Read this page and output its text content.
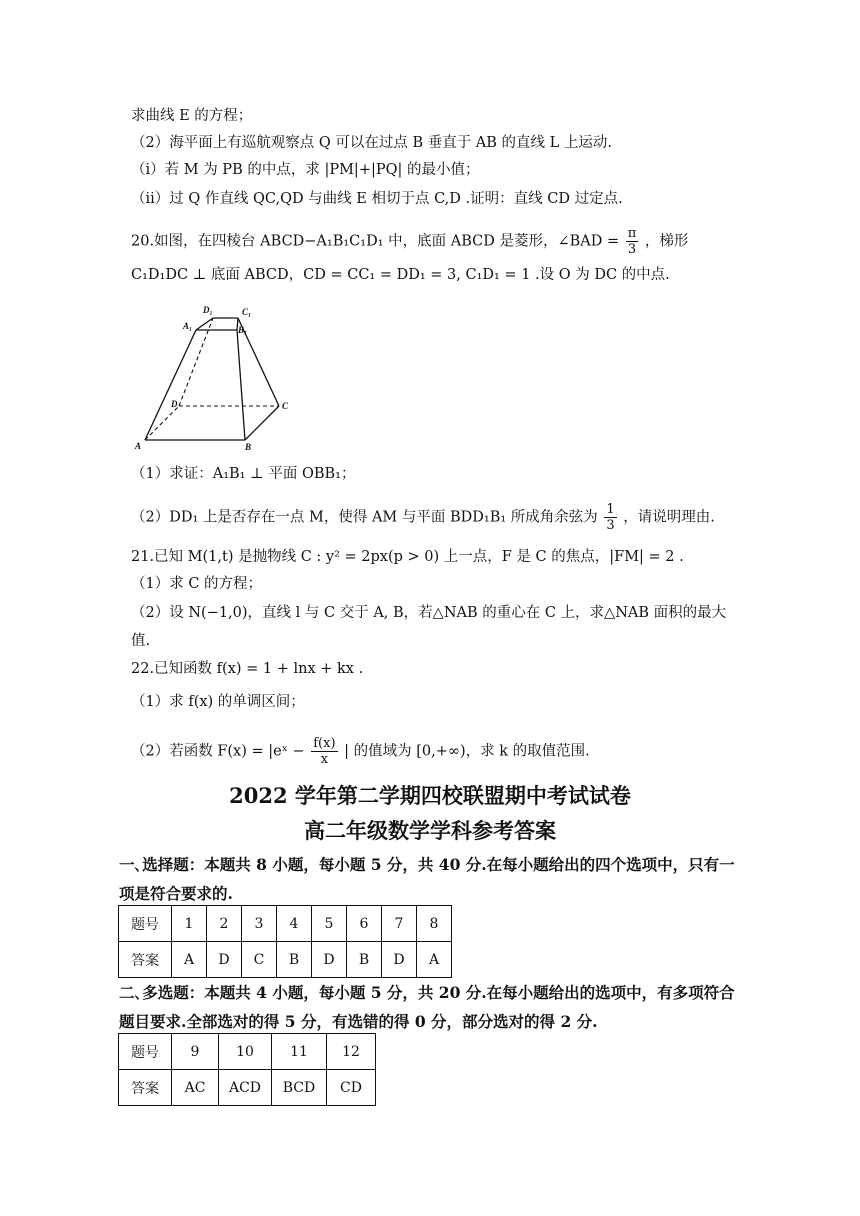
求曲线 E 的方程；
（2）海平面上有巡航观察点 Q 可以在过点 B 垂直于 AB 的直线 L 上运动.
（i）若 M 为 PB 的中点，求 |PM|+|PQ| 的最小值；
（ii）过 Q 作直线 QC,QD 与曲线 E 相切于点 C,D .证明：直线 CD 过定点.
20.如图，在四棱台 ABCD−A₁B₁C₁D₁ 中，底面 ABCD 是菱形，∠BAD = $\frac{\pi}{3}$ ，梯形
C₁D₁DC ⊥ 底面 ABCD，CD = CC₁ = DD₁ = 3, C₁D₁ = 1 .设 O 为 DC 的中点.
A	B
C
D
A₁	B₁
C₁
D₁
（1）求证：A₁B₁ ⊥ 平面 OBB₁；
（2）DD₁ 上是否存在一点 M，使得 AM 与平面 BDD₁B₁ 所成角余弦为 $\frac{1}{3}$ ，请说明理由.
21.已知 M(1,t) 是抛物线 C : y² = 2px(p > 0) 上一点，F 是 C 的焦点，|FM| = 2 .
（1）求 C 的方程；
（2）设 N(−1,0)，直线 l 与 C 交于 A, B，若△NAB 的重心在 C 上，求△NAB 面积的最大
值.
22.已知函数 f(x) = 1 + lnx + kx .
（1）求 f(x) 的单调区间；
（2）若函数 F(x) = |eˣ − $\frac{f(x)}{x}$ | 的值域为 [0,+∞)，求 k 的取值范围.
2022 学年第二学期四校联盟期中考试试卷
高二年级数学学科参考答案
一､选择题：本题共 8 小题，每小题 5 分，共 40 分.在每小题给出的四个选项中，只有一项是符合要求的.
题号	1	2	3	4	5	6	7	8
答案	A	D	C	B	D	B	D	A
二､多选题：本题共 4 小题，每小题 5 分，共 20 分.在每小题给出的选项中，有多项符合题目要求.全部选对的得 5 分，有选错的得 0 分，部分选对的得 2 分.
题号	9	10	11	12
答案	AC	ACD	BCD	CD
